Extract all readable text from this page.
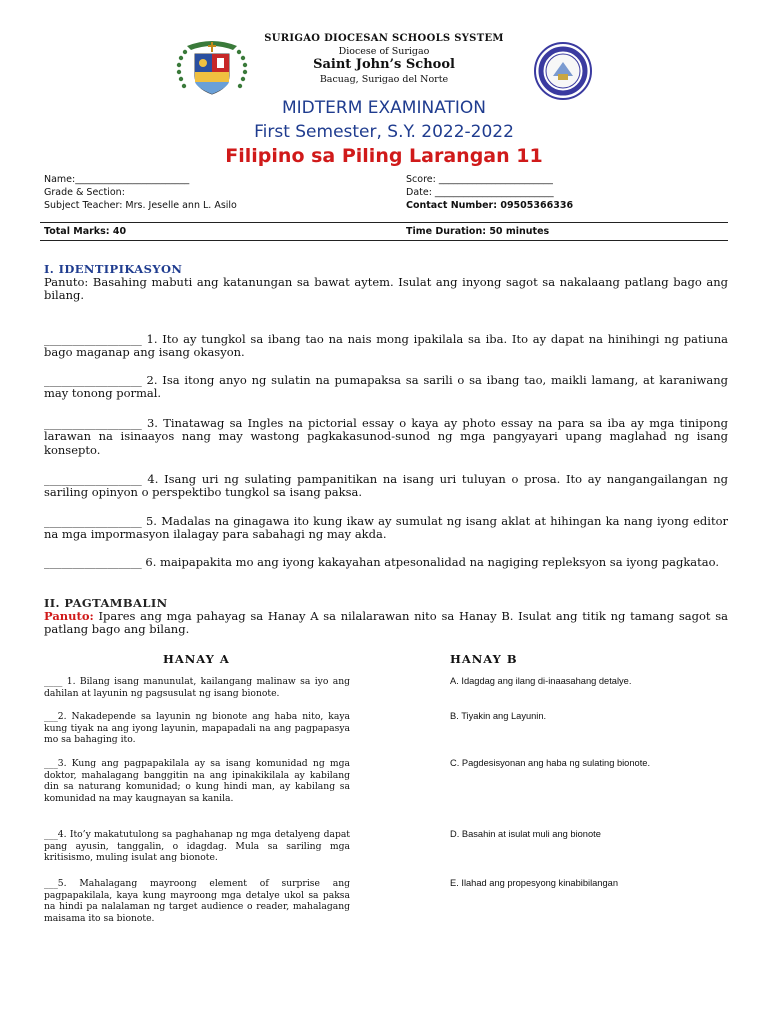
SURIGAO DIOCESAN SCHOOLS SYSTEM
Diocese of Surigao
Saint John’s School
Bacuag, Surigao del Norte
MIDTERM EXAMINATION
First Semester, S.Y. 2022-2022
Filipino sa Piling Larangan 11
Name:________________________
Grade & Section:
Subject Teacher: Mrs. Jeselle ann L. Asilo
Score: ________________________
Date: _________________________
Contact Number: 09505366336
Total Marks: 40	Time Duration: 50 minutes
I. IDENTIPIKASYON
Panuto: Basahing mabuti ang katanungan sa bawat aytem. Isulat ang inyong sagot sa nakalaang patlang bago ang bilang.
_________________ 1. Ito ay tungkol sa ibang tao na nais mong ipakilala sa iba. Ito ay dapat na hinihingi ng patiuna bago maganap ang isang okasyon.
_________________ 2. Isa itong anyo ng sulatin na pumapaksa sa sarili o sa ibang tao, maikli lamang, at karaniwang may tonong pormal.
_________________ 3. Tinatawag sa Ingles na pictorial essay o kaya ay photo essay na para sa iba ay mga tinipong larawan na isinaayos nang may wastong pagkakasunod-sunod ng mga pangyayari upang maglahad ng isang konsepto.
_________________ 4. Isang uri ng sulating pampanitikan na isang uri tuluyan o prosa. Ito ay nangangailangan ng sariling opinyon o perspektibo tungkol sa isang paksa.
_________________ 5. Madalas na ginagawa ito kung ikaw ay sumulat ng isang aklat at hihingan ka nang iyong editor na mga impormasyon ilalagay para sabahagi ng may akda.
_________________ 6. maipapakita mo ang iyong kakayahan atpesonalidad na nagiging repleksyon sa iyong pagkatao.
II. PAGTAMBALIN
Panuto: Ipares ang mga pahayag sa Hanay A sa nilalarawan nito sa Hanay B. Isulat ang titik ng tamang sagot sa patlang bago ang bilang.
HANAY A	HANAY B
____ 1. Bilang isang manunulat, kailangang malinaw sa iyo ang dahilan at layunin ng pagsusulat ng isang bionote.
___2. Nakadepende sa layunin ng bionote ang haba nito, kaya kung tiyak na ang iyong layunin, mapapadali na ang pagpapasya mo sa bahaging ito.
___3. Kung ang pagpapakilala ay sa isang komunidad ng mga doktor, mahalagang banggitin na ang ipinakikilala ay kabilang din sa naturang komunidad; o kung hindi man, ay kabilang sa komunidad na may kaugnayan sa kanila.
___4. Ito’y makatutulong sa paghahanap ng mga detalyeng dapat pang ayusin, tanggalin, o idagdag. Mula sa sariling mga kritisismo, muling isulat ang bionote.
___5. Mahalagang mayroong element of surprise ang pagpapakilala, kaya kung mayroong mga detalye ukol sa paksa na hindi pa nalalaman ng target audience o reader, mahalagang maisama ito sa bionote.
A. Idagdag ang ilang di-inaasahang detalye.
B. Tiyakin ang Layunin.
C. Pagdesisyonan ang haba ng sulating bionote.
D. Basahin at isulat muli ang bionote
E. Ilahad ang propesyong kinabibilangan
